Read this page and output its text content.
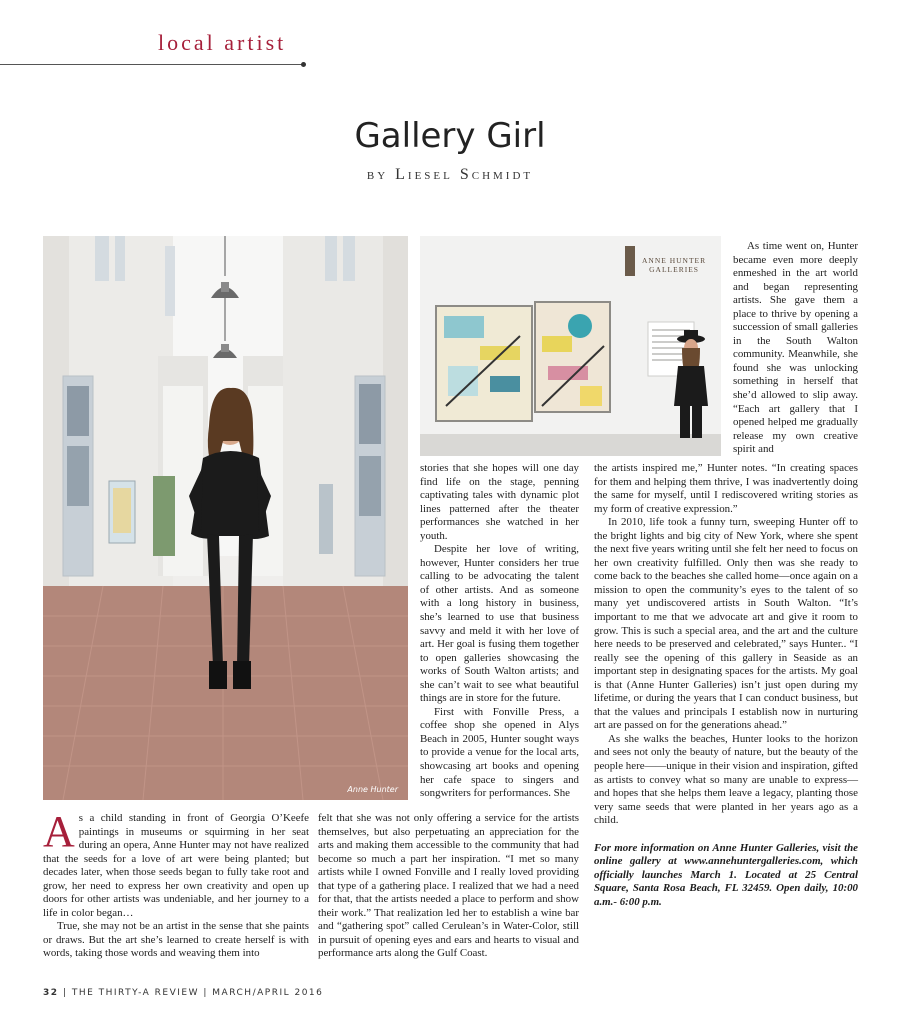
local artist
Gallery Girl
by Liesel Schmidt
Anne Hunter
ANNE HUNTER
GALLERIES

As a child standing in front of Georgia O’Keefe paintings in museums or squirming in her seat during an opera, Anne Hunter may not have realized that the seeds for a love of art were being planted; but decades later, when those seeds began to fully take root and grow, her need to express her own creativity and open up doors for other artists was undeniable, and her journey to a life in color began…

True, she may not be an artist in the sense that she paints or draws. But the art she’s learned to create herself is with words, taking those words and weaving them into

stories that she hopes will one day find life on the stage, penning captivating tales with dynamic plot lines patterned after the theater performances she watched in her youth.

Despite her love of writing, however, Hunter considers her true calling to be advocating the talent of other artists. And as someone with a long history in business, she’s learned to use that business savvy and meld it with her love of art. Her goal is fusing them together to open galleries showcasing the works of South Walton artists; and she can’t wait to see what beautiful things are in store for the future.

First with Fonville Press, a coffee shop she opened in Alys Beach in 2005, Hunter sought ways to provide a venue for the local arts, showcasing art books and opening her cafe space to singers and songwriters for performances. She

felt that she was not only offering a service for the artists themselves, but also perpetuating an appreciation for the arts and making them accessible to the community that had become so much a part her inspiration. “I met so many artists while I owned Fonville and I really loved providing that type of a gathering place. I realized that we had a need for that, that the artists needed a place to perform and show their work.” That realization led her to establish a wine bar and “gathering spot” called Cerulean’s in Water-Color, still in pursuit of opening eyes and ears and hearts to visual and performance arts along the Gulf Coast.

As time went on, Hunter became even more deeply enmeshed in the art world and began representing artists. She gave them a place to thrive by opening a succession of small galleries in the South Walton community. Meanwhile, she found she was unlocking something in herself that she’d allowed to slip away. “Each art gallery that I opened helped me gradually release my own creative spirit and

the artists inspired me,” Hunter notes. “In creating spaces for them and helping them thrive, I was inadvertently doing the same for myself, until I rediscovered writing stories as my form of creative expression.”

In 2010, life took a funny turn, sweeping Hunter off to the bright lights and big city of New York, where she spent the next five years writing until she felt her need to focus on her own creativity fulfilled. Only then was she ready to come back to the beaches she called home—once again on a mission to open the community’s eyes to the talent of so many yet undiscovered artists in South Walton. “It’s important to me that we advocate art and give it room to grow. This is such a special area, and the art and the culture here needs to be preserved and celebrated,” says Hunter.. “I really see the opening of this gallery in Seaside as an important step in designating spaces for the artists. My goal is that (Anne Hunter Galleries) isn’t just open during my lifetime, or during the years that I can conduct business, but that the values and principals I establish now in nurturing art are passed on for the generations ahead.”

As she walks the beaches, Hunter looks to the horizon and sees not only the beauty of nature, but the beauty of the people here——unique in their vision and inspiration, gifted as artists to convey what so many are unable to express—and hopes that she helps them leave a legacy, planting those very same seeds that were planted in her years ago as a child.

For more information on Anne Hunter Galleries, visit the online gallery at www.annehuntergalleries.com, which officially launches March 1. Located at 25 Central Square, Santa Rosa Beach, FL 32459. Open daily, 10:00 a.m.- 6:00 p.m.

32 | THE THIRTY-A REVIEW | MARCH/APRIL 2016
